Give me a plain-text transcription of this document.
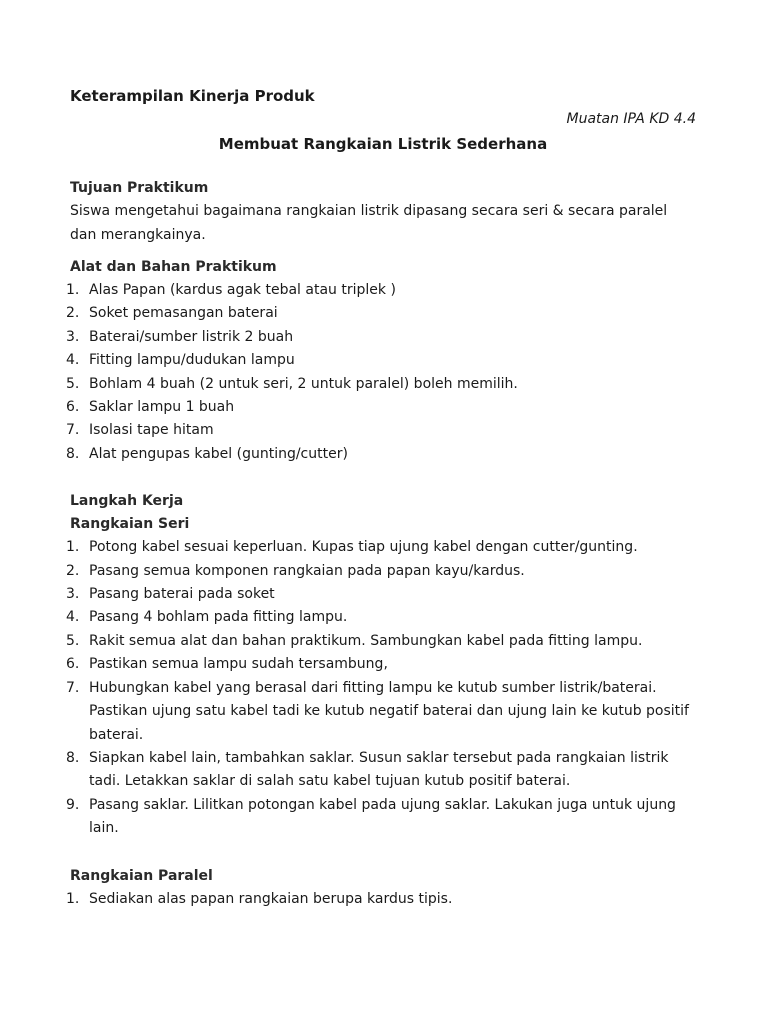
Keterampilan Kinerja Produk

Muatan IPA KD 4.4

Membuat Rangkaian Listrik Sederhana
Tujuan Praktikum

Siswa mengetahui bagaimana rangkaian listrik dipasang secara seri & secara paralel dan merangkainya.

Alat dan Bahan Praktikum
1. Alas Papan (kardus agak tebal atau triplek )
2. Soket pemasangan baterai
3. Baterai/sumber listrik 2 buah
4. Fitting lampu/dudukan lampu
5. Bohlam 4 buah (2 untuk seri, 2 untuk paralel) boleh memilih.
6. Saklar lampu 1 buah
7. Isolasi tape hitam
8. Alat pengupas kabel (gunting/cutter)
Langkah Kerja
Rangkaian Seri
1. Potong kabel sesuai keperluan. Kupas tiap ujung kabel dengan cutter/gunting.
2. Pasang semua komponen rangkaian pada papan kayu/kardus.
3. Pasang baterai pada soket
4. Pasang 4 bohlam pada fitting lampu.
5. Rakit semua alat dan bahan praktikum. Sambungkan kabel pada fitting lampu.
6. Pastikan semua lampu sudah tersambung,
7. Hubungkan kabel yang berasal dari fitting lampu ke kutub sumber listrik/baterai. Pastikan ujung satu kabel tadi ke kutub negatif baterai dan ujung lain ke kutub positif baterai.
8. Siapkan kabel lain, tambahkan saklar. Susun saklar tersebut pada rangkaian listrik tadi. Letakkan saklar di salah satu kabel tujuan kutub positif baterai.
9. Pasang saklar. Lilitkan potongan kabel pada ujung saklar. Lakukan juga untuk ujung lain.
Rangkaian Paralel
1. Sediakan alas papan rangkaian berupa kardus tipis.
